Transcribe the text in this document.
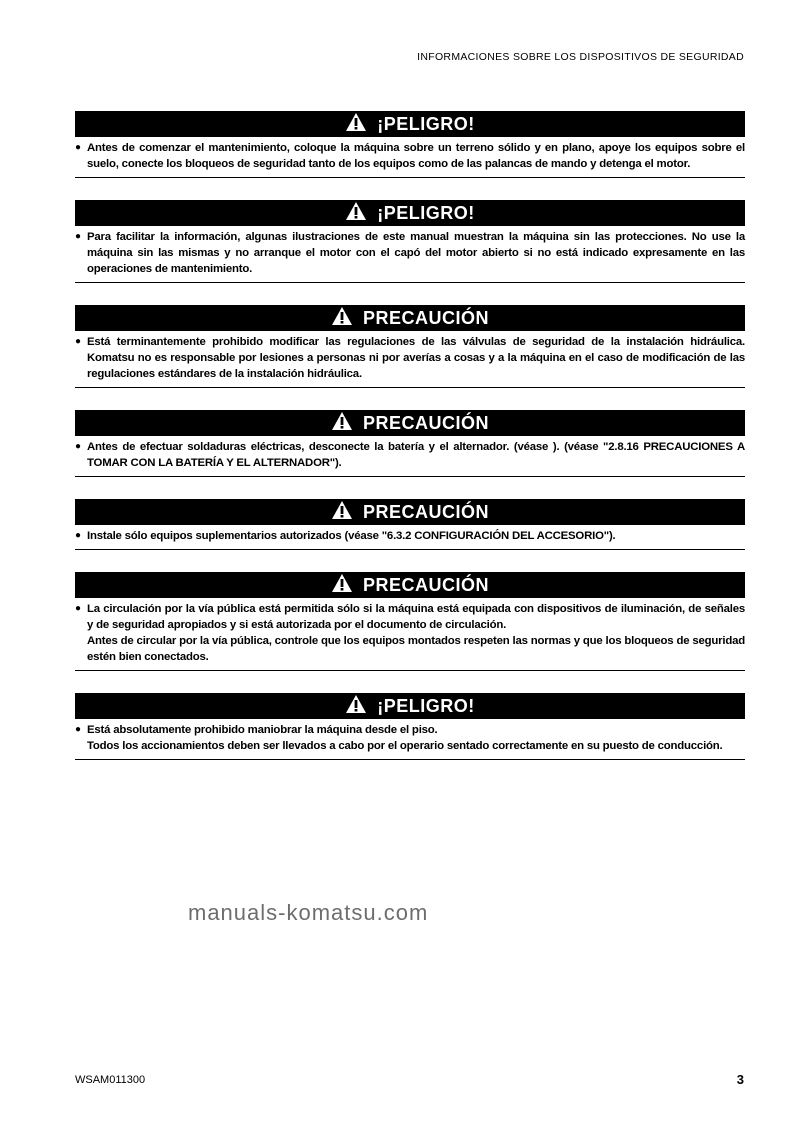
INFORMACIONES SOBRE LOS DISPOSITIVOS DE SEGURIDAD
¡PELIGRO!
● Antes de comenzar el mantenimiento, coloque la máquina sobre un terreno sólido y en plano, apoye los equipos sobre el suelo, conecte los bloqueos de seguridad tanto de los equipos como de las palancas de mando y detenga el motor.

¡PELIGRO!
● Para facilitar la información, algunas ilustraciones de este manual muestran la máquina sin las protecciones. No use la máquina sin las mismas y no arranque el motor con el capó del motor abierto si no está indicado expresamente en las operaciones de mantenimiento.

PRECAUCIÓN
● Está terminantemente prohibido modificar las regulaciones de las válvulas de seguridad de la instalación hidráulica. Komatsu no es responsable por lesiones a personas ni por averías a cosas y a la máquina en el caso de modificación de las regulaciones estándares de la instalación hidráulica.

PRECAUCIÓN
● Antes de efectuar soldaduras eléctricas, desconecte la batería y el alternador. (véase ). (véase "2.8.16 PRECAUCIONES A TOMAR CON LA BATERÍA Y EL ALTERNADOR").

PRECAUCIÓN
● Instale sólo equipos suplementarios autorizados (véase "6.3.2 CONFIGURACIÓN DEL ACCESORIO").

PRECAUCIÓN
● La circulación por la vía pública está permitida sólo si la máquina está equipada con dispositivos de iluminación, de señales y de seguridad apropiados y si está autorizada por el documento de circulación.

Antes de circular por la vía pública, controle que los equipos montados respeten las normas y que los bloqueos de seguridad estén bien conectados.

¡PELIGRO!
● Está absolutamente prohibido maniobrar la máquina desde el piso.

Todos los accionamientos deben ser llevados a cabo por el operario sentado correctamente en su puesto de conducción.

manuals-komatsu.com
WSAM011300	3
